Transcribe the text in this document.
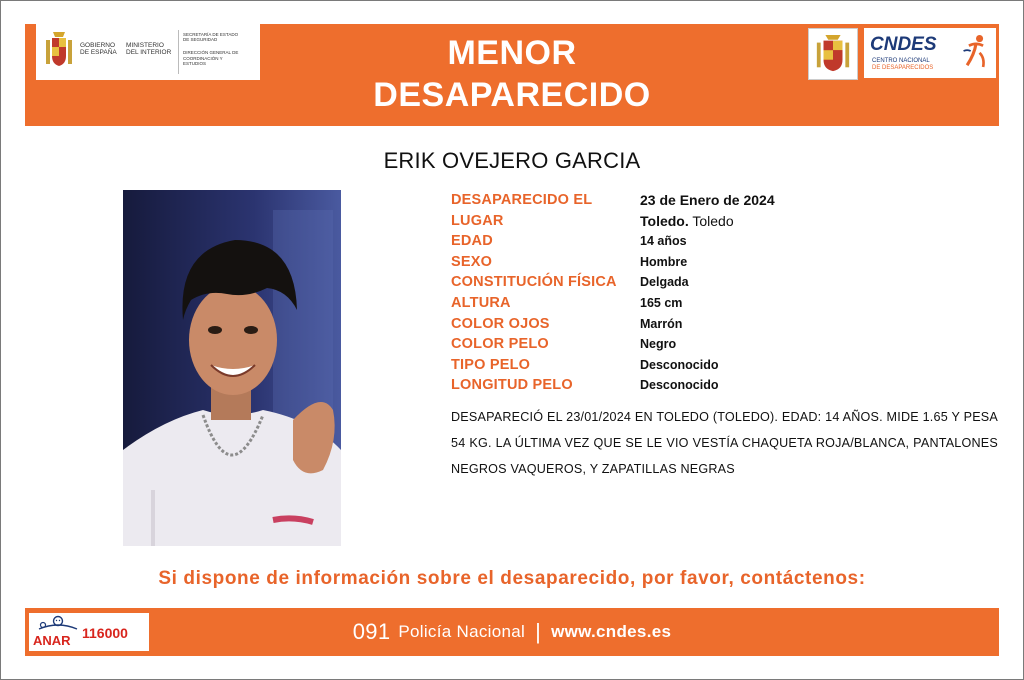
GOBIERNO DE ESPAÑA
MINISTERIO DEL INTERIOR
SECRETARÍA DE ESTADO DE SEGURIDAD
DIRECCIÓN GENERAL DE COORDINACIÓN Y ESTUDIOS	MENOR
DESAPARECIDO
CNDES
CENTRO NACIONAL
DE DESAPARECIDOS
ERIK OVEJERO GARCIA
DESAPARECIDO EL	23 de Enero de 2024
LUGAR	Toledo. Toledo
EDAD	14 años
SEXO	Hombre
CONSTITUCIÓN FÍSICA Delgada
ALTURA	165 cm
COLOR OJOS	Marrón
COLOR PELO	Negro
TIPO PELO	Desconocido
LONGITUD PELO	Desconocido
DESAPARECIÓ EL 23/01/2024 EN TOLEDO (TOLEDO). EDAD: 14 AÑOS. MIDE 1.65 Y PESA 54 KG. LA ÚLTIMA VEZ QUE SE LE VIO VESTÍA CHAQUETA ROJA/BLANCA, PANTALONES NEGROS VAQUEROS, Y ZAPATILLAS NEGRAS
Si dispone de información sobre el desaparecido, por favor, contáctenos:
091 Policía Nacional | www.cndes.es
ANAR 116000
